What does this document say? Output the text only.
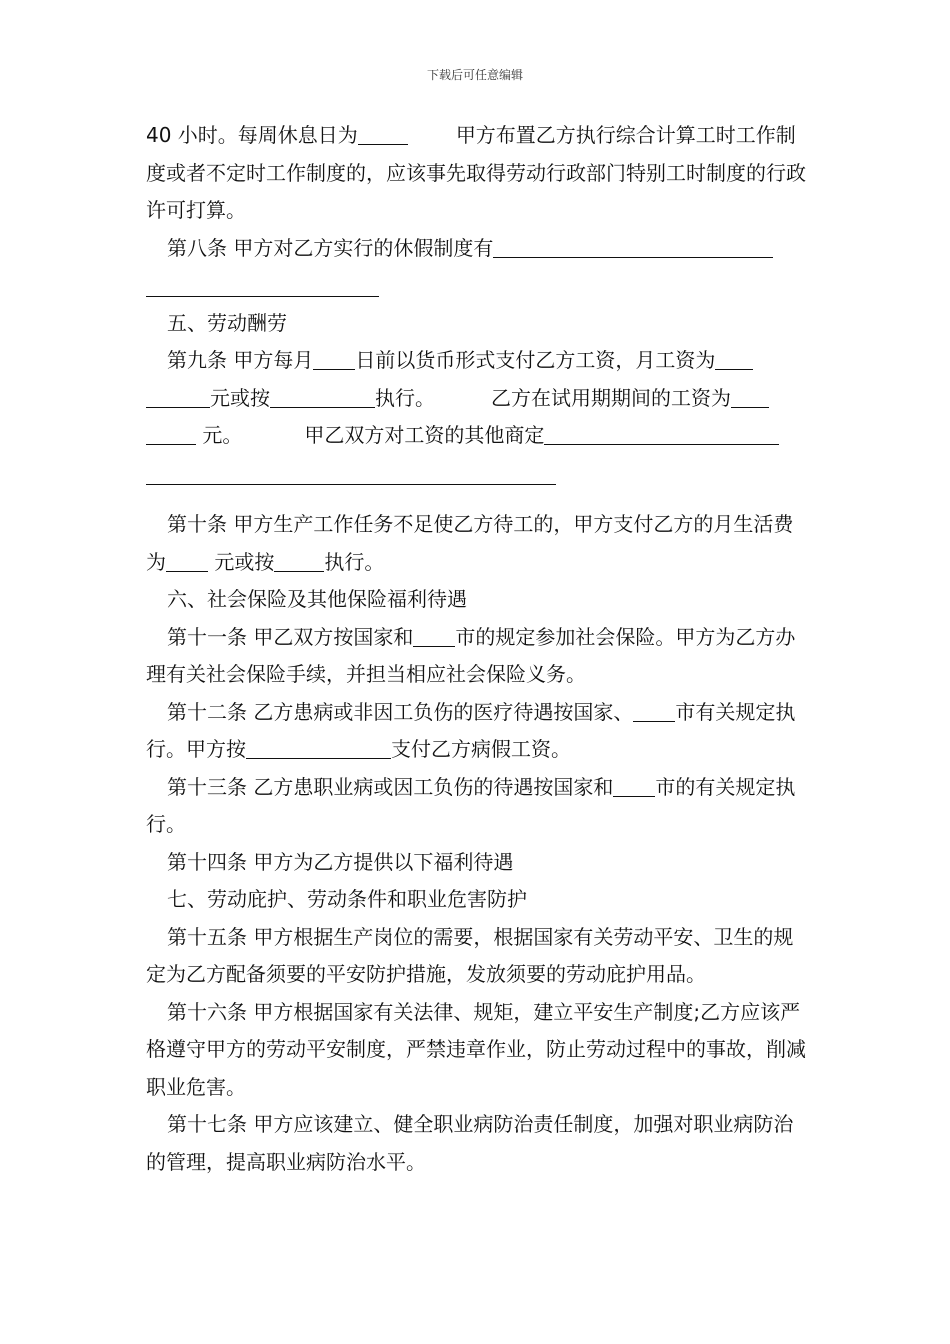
下载后可任意编辑

40 小时。每周休息日为	甲方布置乙方执行综合计算工时工作制度或者不定时工作制度的，应该事先取得劳动行政部门特别工时制度的行政许可打算。

第八条 甲方对乙方实行的休假制度有

五、劳动酬劳

第九条 甲方每月 日前以货币形式支付乙方工资，月工资为元或按	执行。	乙方在试用期期间的工资为 元。	甲乙双方对工资的其他商定

第十条 甲方生产工作任务不足使乙方待工的，甲方支付乙方的月生活费为 元或按	执行。

六、社会保险及其他保险福利待遇

第十一条 甲乙双方按国家和 市的规定参加社会保险。甲方为乙方办理有关社会保险手续，并担当相应社会保险义务。

第十二条 乙方患病或非因工负伤的医疗待遇按国家、 市有关规定执行。甲方按	支付乙方病假工资。

第十三条 乙方患职业病或因工负伤的待遇按国家和 市的有关规定执行。

第十四条 甲方为乙方提供以下福利待遇

七、劳动庇护、劳动条件和职业危害防护

第十五条 甲方根据生产岗位的需要，根据国家有关劳动平安、卫生的规定为乙方配备须要的平安防护措施，发放须要的劳动庇护用品。

第十六条 甲方根据国家有关法律、规矩，建立平安生产制度;乙方应该严格遵守甲方的劳动平安制度，严禁违章作业，防止劳动过程中的事故，削减职业危害。

第十七条 甲方应该建立、健全职业病防治责任制度，加强对职业病防治的管理，提高职业病防治水平。
